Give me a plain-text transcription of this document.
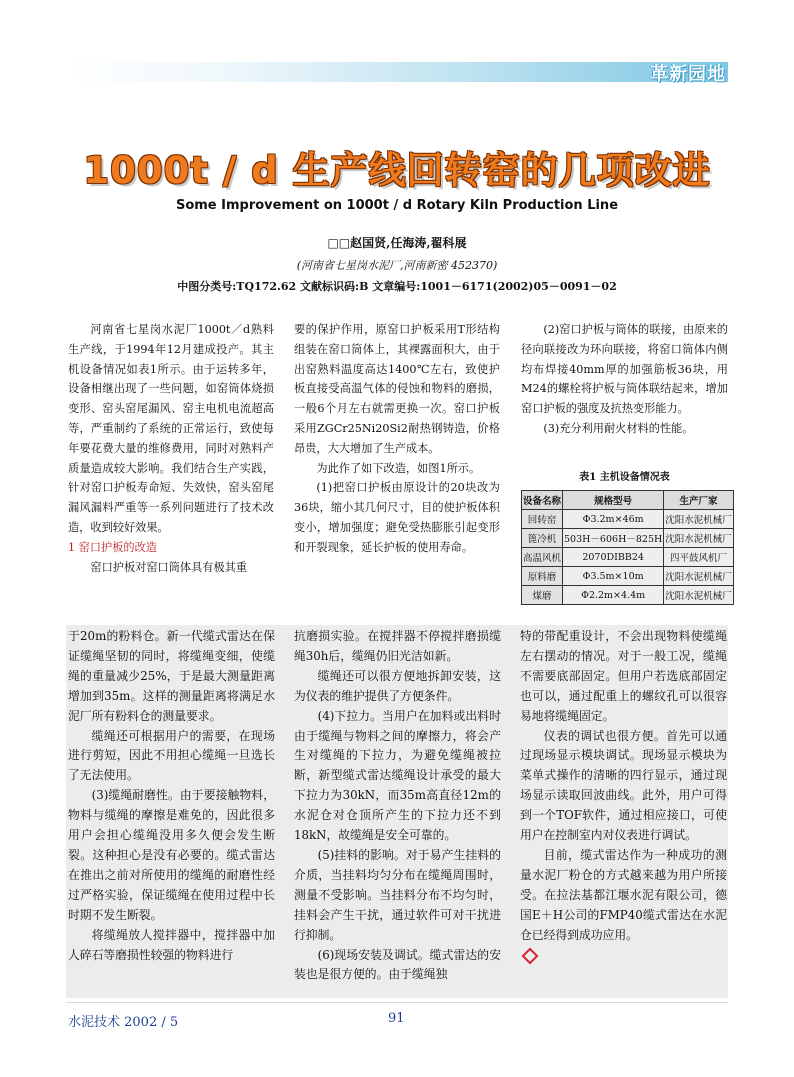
革新园地
1000t / d 生产线回转窑的几项改进
Some Improvement on 1000t / d Rotary Kiln Production Line
□□赵国贤,任海涛,翟科展
(河南省七星岗水泥厂,河南新密 452370)
中图分类号:TQ172.62 文献标识码:B 文章编号:1001－6171(2002)05－0091－02

河南省七星岗水泥厂1000t／d熟料生产线，于1994年12月建成投产。其主机设备情况如表1所示。由于运转多年，设备相继出现了一些问题，如窑筒体烧损变形、窑头窑尾漏风、窑主电机电流超高等，严重制约了系统的正常运行，致使每年要花费大量的维修费用，同时对熟料产质量造成较大影响。我们结合生产实践，针对窑口护板寿命短、失效快，窑头窑尾漏风漏料严重等一系列问题进行了技术改造，收到较好效果。

1 窑口护板的改造

窑口护板对窑口筒体具有极其重

要的保护作用，原窑口护板采用T形结构组装在窑口筒体上，其裸露面积大，由于出窑熟料温度高达1400℃左右，致使护板直接受高温气体的侵蚀和物料的磨损，一般6个月左右就需更换一次。窑口护板采用ZGCr25Ni20Si2耐热钢铸造，价格昂贵，大大增加了生产成本。

为此作了如下改造，如图1所示。

(1)把窑口护板由原设计的20块改为36块，缩小其几何尺寸，目的使护板体积变小，增加强度；避免受热膨胀引起变形和开裂现象，延长护板的使用寿命。

(2)窑口护板与筒体的联接，由原来的径向联接改为环向联接，将窑口筒体内侧均布焊接40mm厚的加强筋板36块，用M24的螺栓将护板与筒体联结起来，增加窑口护板的强度及抗热变形能力。

(3)充分利用耐火材料的性能。

表1 主机设备情况表
设备名称	规格型号	生产厂家
回转窑	Φ3.2m×46m	沈阳水泥机械厂
篦冷机	503H－606H－825H	沈阳水泥机械厂
高温风机	2070DIBB24	四平鼓风机厂
原料磨	Φ3.5m×10m	沈阳水泥机械厂
煤磨	Φ2.2m×4.4m	沈阳水泥机械厂

于20m的粉料仓。新一代缆式雷达在保证缆绳坚韧的同时，将缆绳变细，使缆绳的重量减少25%，于是最大测量距离增加到35m。这样的测量距离将满足水泥厂所有粉料仓的测量要求。

缆绳还可根据用户的需要，在现场进行剪短，因此不用担心缆绳一旦选长了无法使用。

(3)缆绳耐磨性。由于要接触物料，物料与缆绳的摩擦是难免的，因此很多用户会担心缆绳没用多久便会发生断裂。这种担心是没有必要的。缆式雷达在推出之前对所使用的缆绳的耐磨性经过严格实验，保证缆绳在使用过程中长时期不发生断裂。

将缆绳放人搅拌器中，搅拌器中加人碎石等磨损性较强的物料进行

抗磨损实验。在搅拌器不停搅拌磨损缆绳30h后，缆绳仍旧光洁如新。

缆绳还可以很方便地拆卸安装，这为仪表的维护提供了方便条件。

(4)下拉力。当用户在加料或出料时由于缆绳与物料之间的摩擦力，将会产生对缆绳的下拉力，为避免缆绳被拉断，新型缆式雷达缆绳设计承受的最大下拉力为30kN，而35m高直径12m的水泥仓对仓顶所产生的下拉力还不到18kN，故缆绳是安全可靠的。

(5)挂料的影响。对于易产生挂料的介质，当挂料均匀分布在缆绳周围时，测量不受影响。当挂料分布不均匀时，挂料会产生干扰，通过软件可对干扰进行抑制。

(6)现场安装及调试。缆式雷达的安装也是很方便的。由于缆绳独

特的带配重设计，不会出现物料使缆绳左右摆动的情况。对于一般工况，缆绳不需要底部固定。但用户若选底部固定也可以，通过配重上的螺纹孔可以很容易地将缆绳固定。

仪表的调试也很方便。首先可以通过现场显示模块调试。现场显示模块为菜单式操作的清晰的四行显示，通过现场显示读取回波曲线。此外，用户可得到一个TOF软件，通过相应接口，可使用户在控制室内对仪表进行调试。

目前，缆式雷达作为一种成功的测量水泥厂粉仓的方式越来越为用户所接受。在拉法基都江堰水泥有限公司，德国E＋H公司的FMP40缆式雷达在水泥仓已经得到成功应用。

水泥技术 2002 / 5	91
